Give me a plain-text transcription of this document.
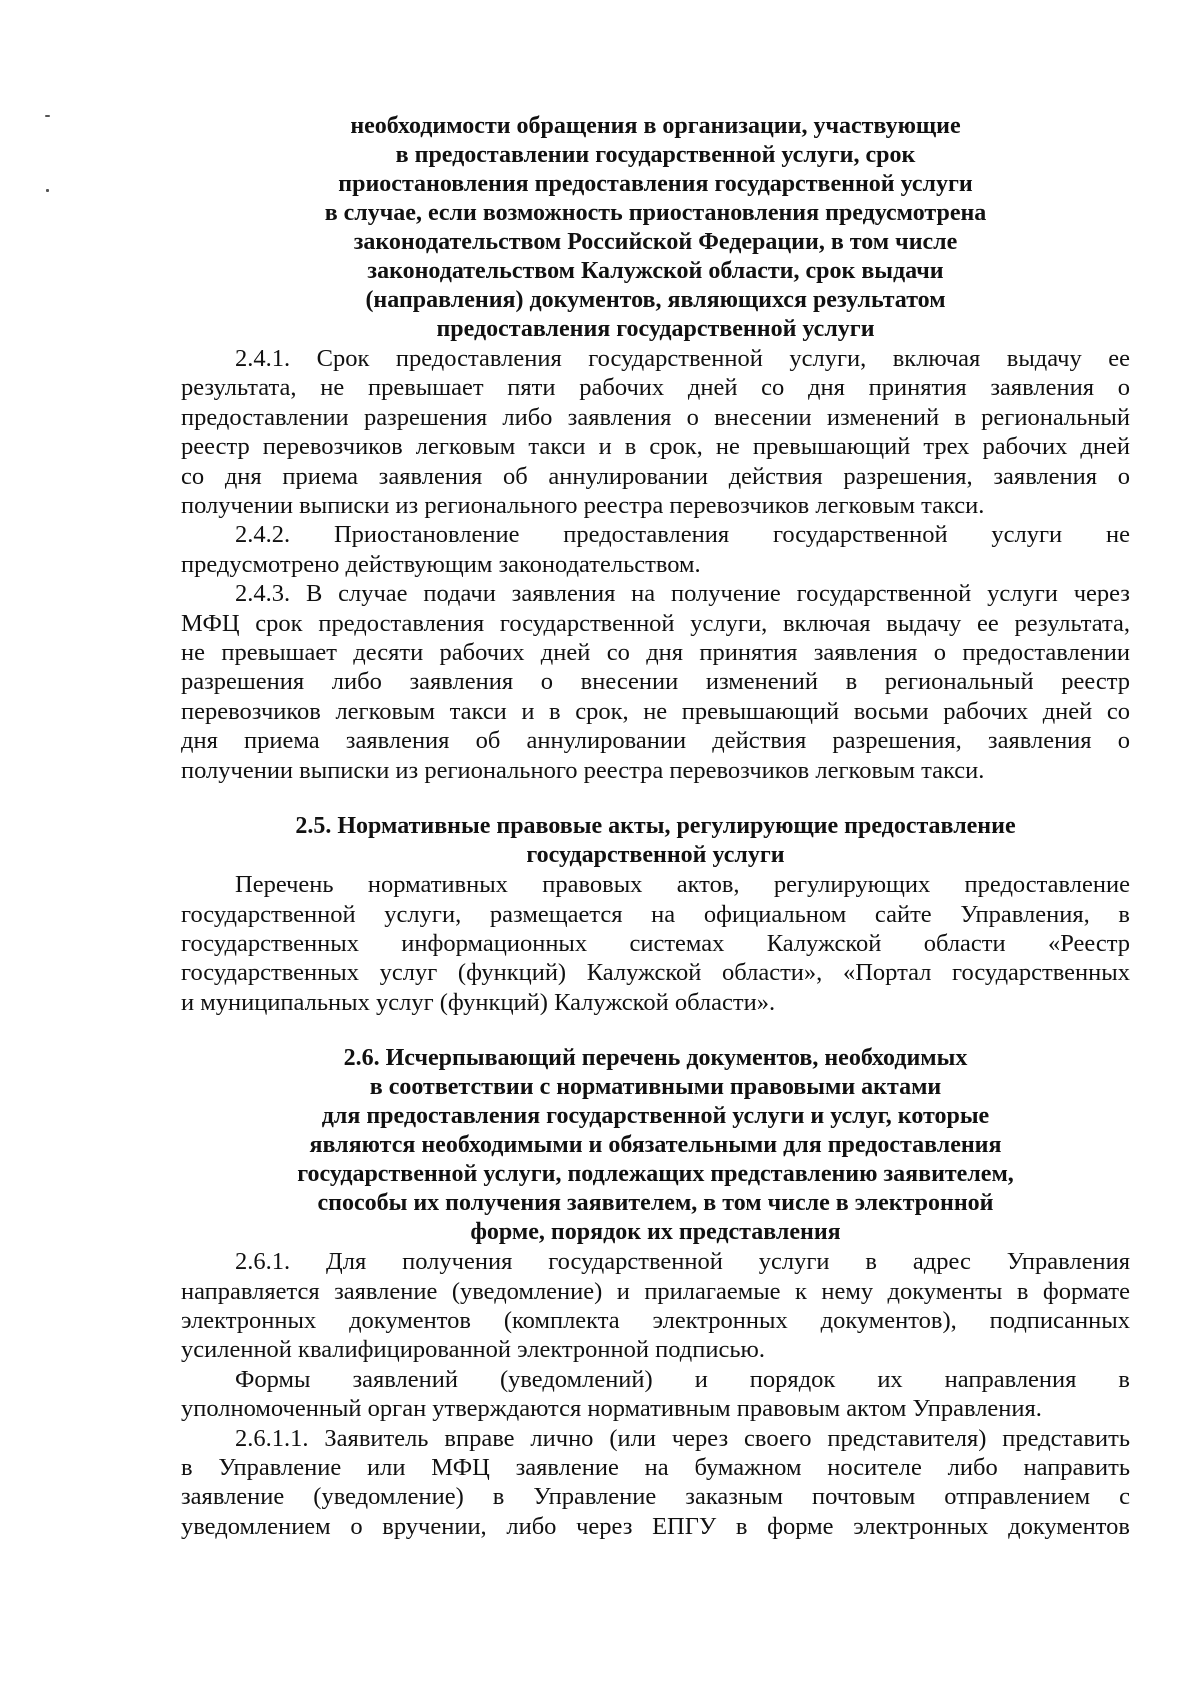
необходимости обращения в организации, участвующие
в предоставлении государственной услуги, срок
приостановления предоставления государственной услуги
в случае, если возможность приостановления предусмотрена
законодательством Российской Федерации, в том числе
законодательством Калужской области, срок выдачи
(направления) документов, являющихся результатом
предоставления государственной услуги
2.4.1. Срок предоставления государственной услуги, включая выдачу ее
результата, не превышает пяти рабочих дней со дня принятия заявления о
предоставлении разрешения либо заявления о внесении изменений в региональный
реестр перевозчиков легковым такси и в срок, не превышающий трех рабочих дней
со дня приема заявления об аннулировании действия разрешения, заявления о
получении выписки из регионального реестра перевозчиков легковым такси.
2.4.2. Приостановление предоставления государственной услуги не
предусмотрено действующим законодательством.
2.4.3. В случае подачи заявления на получение государственной услуги через
МФЦ срок предоставления государственной услуги, включая выдачу ее результата,
не превышает десяти рабочих дней со дня принятия заявления о предоставлении
разрешения либо заявления о внесении изменений в региональный реестр
перевозчиков легковым такси и в срок, не превышающий восьми рабочих дней со
дня приема заявления об аннулировании действия разрешения, заявления о
получении выписки из регионального реестра перевозчиков легковым такси.
2.5. Нормативные правовые акты, регулирующие предоставление
государственной услуги
Перечень нормативных правовых актов, регулирующих предоставление
государственной услуги, размещается на официальном сайте Управления, в
государственных информационных системах Калужской области «Реестр
государственных услуг (функций) Калужской области», «Портал государственных
и муниципальных услуг (функций) Калужской области».
2.6. Исчерпывающий перечень документов, необходимых
в соответствии с нормативными правовыми актами
для предоставления государственной услуги и услуг, которые
являются необходимыми и обязательными для предоставления
государственной услуги, подлежащих представлению заявителем,
способы их получения заявителем, в том числе в электронной
форме, порядок их представления
2.6.1. Для получения государственной услуги в адрес Управления
направляется заявление (уведомление) и прилагаемые к нему документы в формате
электронных документов (комплекта электронных документов), подписанных
усиленной квалифицированной электронной подписью.
Формы заявлений (уведомлений) и порядок их направления в
уполномоченный орган утверждаются нормативным правовым актом Управления.
2.6.1.1. Заявитель вправе лично (или через своего представителя) представить
в Управление или МФЦ заявление на бумажном носителе либо направить
заявление (уведомление) в Управление заказным почтовым отправлением с
уведомлением о вручении, либо через ЕПГУ в форме электронных документов
